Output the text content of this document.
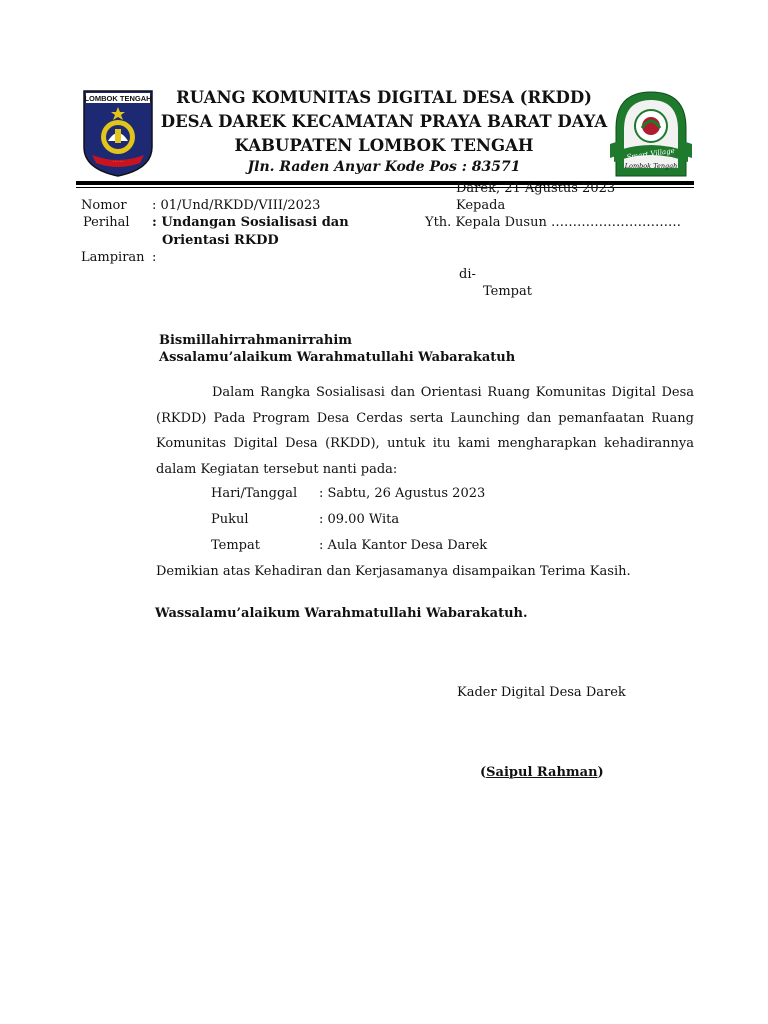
LOMBOK TENGAH
· · · · ·
Smart Village
Lombok Tengah
RUANG KOMUNITAS DIGITAL DESA (RKDD)
DESA DAREK KECAMATAN PRAYA BARAT DAYA
KABUPATEN LOMBOK TENGAH
Jln. Raden Anyar Kode Pos : 83571
Darek, 21 Agustus 2023
Kepada
Yth. Kepala Dusun …………………………
di-
Tempat
Nomor : 01/Und/RKDD/VIII/2023
Perihal : Undangan Sosialisasi dan
Orientasi RKDD
Lampiran :
Bismillahirrahmanirrahim
Assalamu’alaikum Warahmatullahi Wabarakatuh
Dalam Rangka Sosialisasi dan Orientasi Ruang Komunitas Digital Desa (RKDD) Pada Program Desa Cerdas serta Launching dan pemanfaatan Ruang Komunitas Digital Desa (RKDD), untuk itu kami mengharapkan kehadirannya dalam Kegiatan tersebut nanti pada:
Hari/Tanggal : Sabtu, 26 Agustus 2023
Pukul	: 09.00 Wita
Tempat	: Aula Kantor Desa Darek
Demikian atas Kehadiran dan Kerjasamanya disampaikan Terima Kasih.
Wassalamu’alaikum Warahmatullahi Wabarakatuh.
Kader Digital Desa Darek
(Saipul Rahman)
